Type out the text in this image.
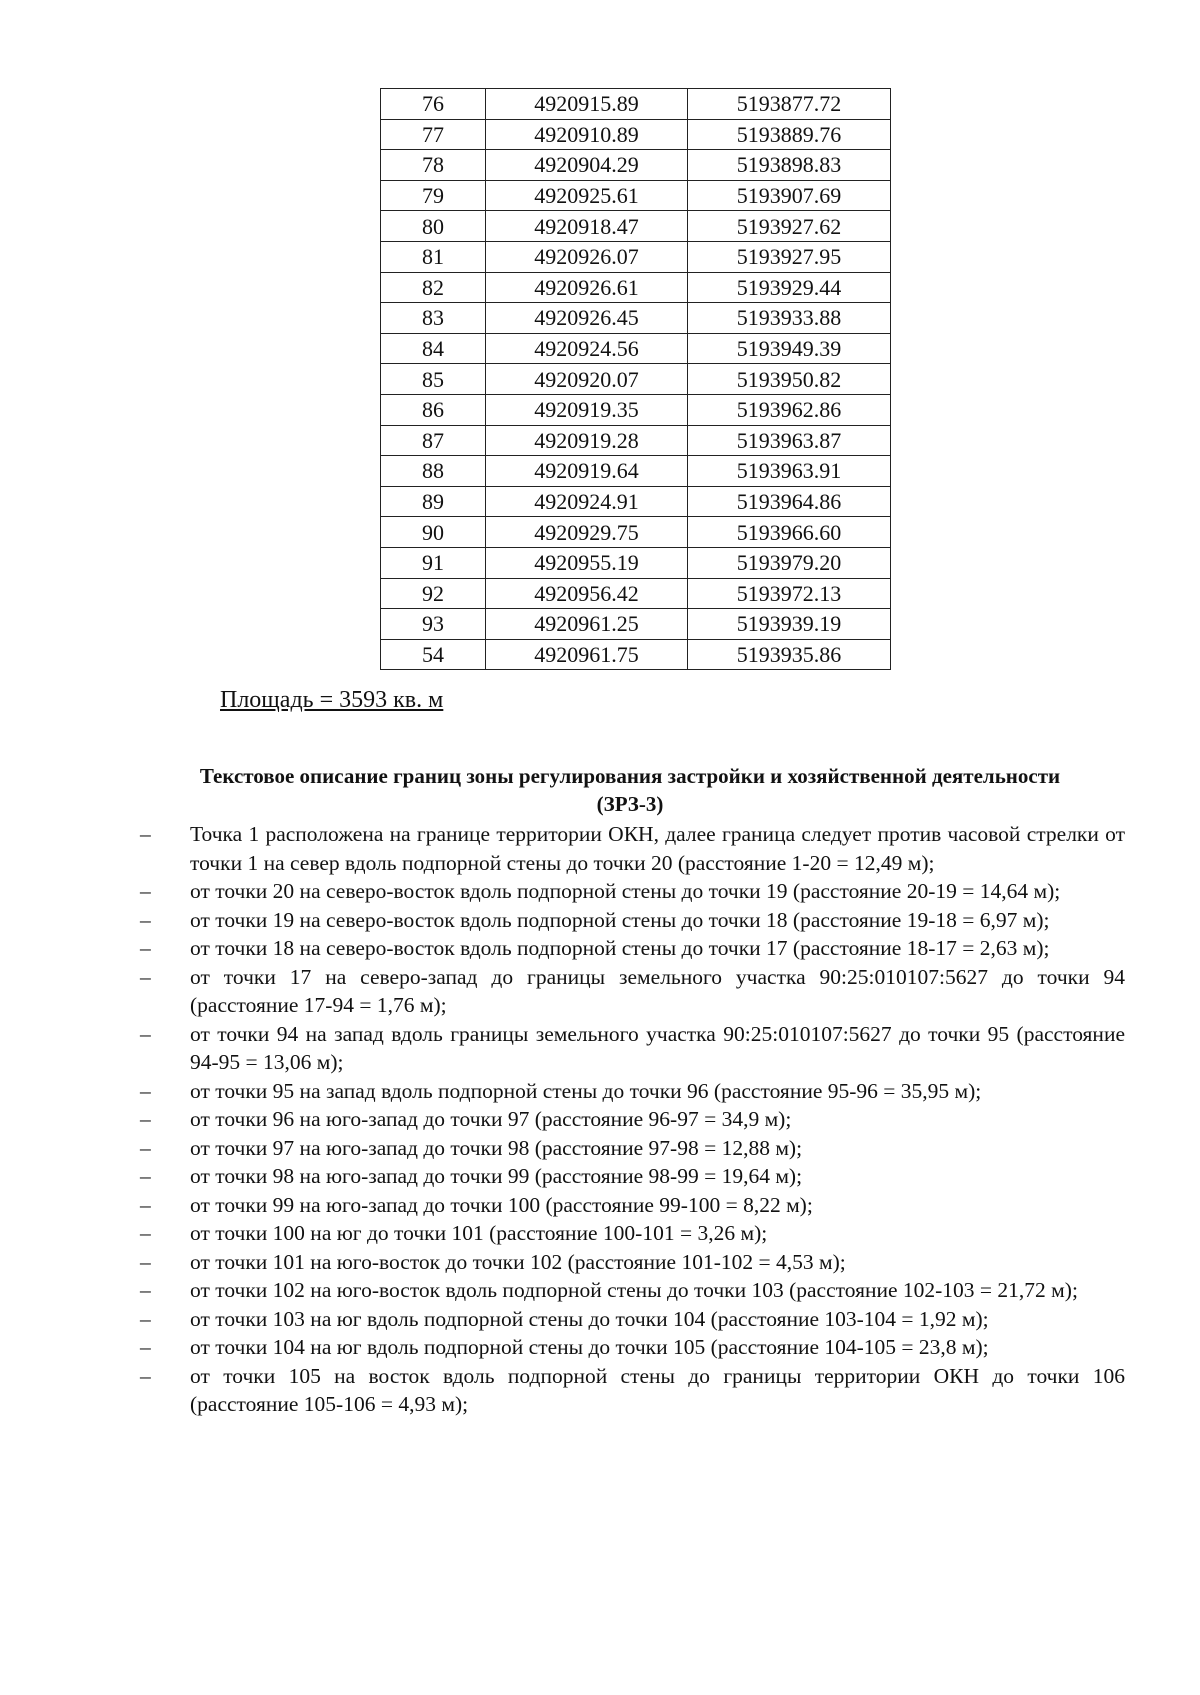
76	4920915.89	5193877.72
77	4920910.89	5193889.76
78	4920904.29	5193898.83
79	4920925.61	5193907.69
80	4920918.47	5193927.62
81	4920926.07	5193927.95
82	4920926.61	5193929.44
83	4920926.45	5193933.88
84	4920924.56	5193949.39
85	4920920.07	5193950.82
86	4920919.35	5193962.86
87	4920919.28	5193963.87
88	4920919.64	5193963.91
89	4920924.91	5193964.86
90	4920929.75	5193966.60
91	4920955.19	5193979.20
92	4920956.42	5193972.13
93	4920961.25	5193939.19
54	4920961.75	5193935.86
Площадь = 3593 кв. м
Текстовое описание границ зоны регулирования застройки и хозяйственной деятельности (ЗРЗ-3)
–	Точка 1 расположена на границе территории ОКН, далее граница следует против часовой стрелки от точки 1 на север вдоль подпорной стены до точки 20 (расстояние 1-20 = 12,49 м);
–	от точки 20 на северо-восток вдоль подпорной стены до точки 19 (расстояние 20-19 = 14,64 м);
–	от точки 19 на северо-восток вдоль подпорной стены до точки 18 (расстояние 19-18 = 6,97 м);
–	от точки 18 на северо-восток вдоль подпорной стены до точки 17 (расстояние 18-17 = 2,63 м);
–	от точки 17 на северо-запад до границы земельного участка 90:25:010107:5627 до точки 94 (расстояние 17-94 = 1,76 м);
–	от точки 94 на запад вдоль границы земельного участка 90:25:010107:5627 до точки 95 (расстояние 94-95 = 13,06 м);
–	от точки 95 на запад вдоль подпорной стены до точки 96 (расстояние 95-96 = 35,95 м);
–	от точки 96 на юго-запад до точки 97 (расстояние 96-97 = 34,9 м);
–	от точки 97 на юго-запад до точки 98 (расстояние 97-98 = 12,88 м);
–	от точки 98 на юго-запад до точки 99 (расстояние 98-99 = 19,64 м);
–	от точки 99 на юго-запад до точки 100 (расстояние 99-100 = 8,22 м);
–	от точки 100 на юг до точки 101 (расстояние 100-101 = 3,26 м);
–	от точки 101 на юго-восток до точки 102 (расстояние 101-102 = 4,53 м);
–	от точки 102 на юго-восток вдоль подпорной стены до точки 103 (расстояние 102-103 = 21,72 м);
–	от точки 103 на юг вдоль подпорной стены до точки 104 (расстояние 103-104 = 1,92 м);
–	от точки 104 на юг вдоль подпорной стены до точки 105 (расстояние 104-105 = 23,8 м);
–	от точки 105 на восток вдоль подпорной стены до границы территории ОКН до точки 106 (расстояние 105-106 = 4,93 м);
